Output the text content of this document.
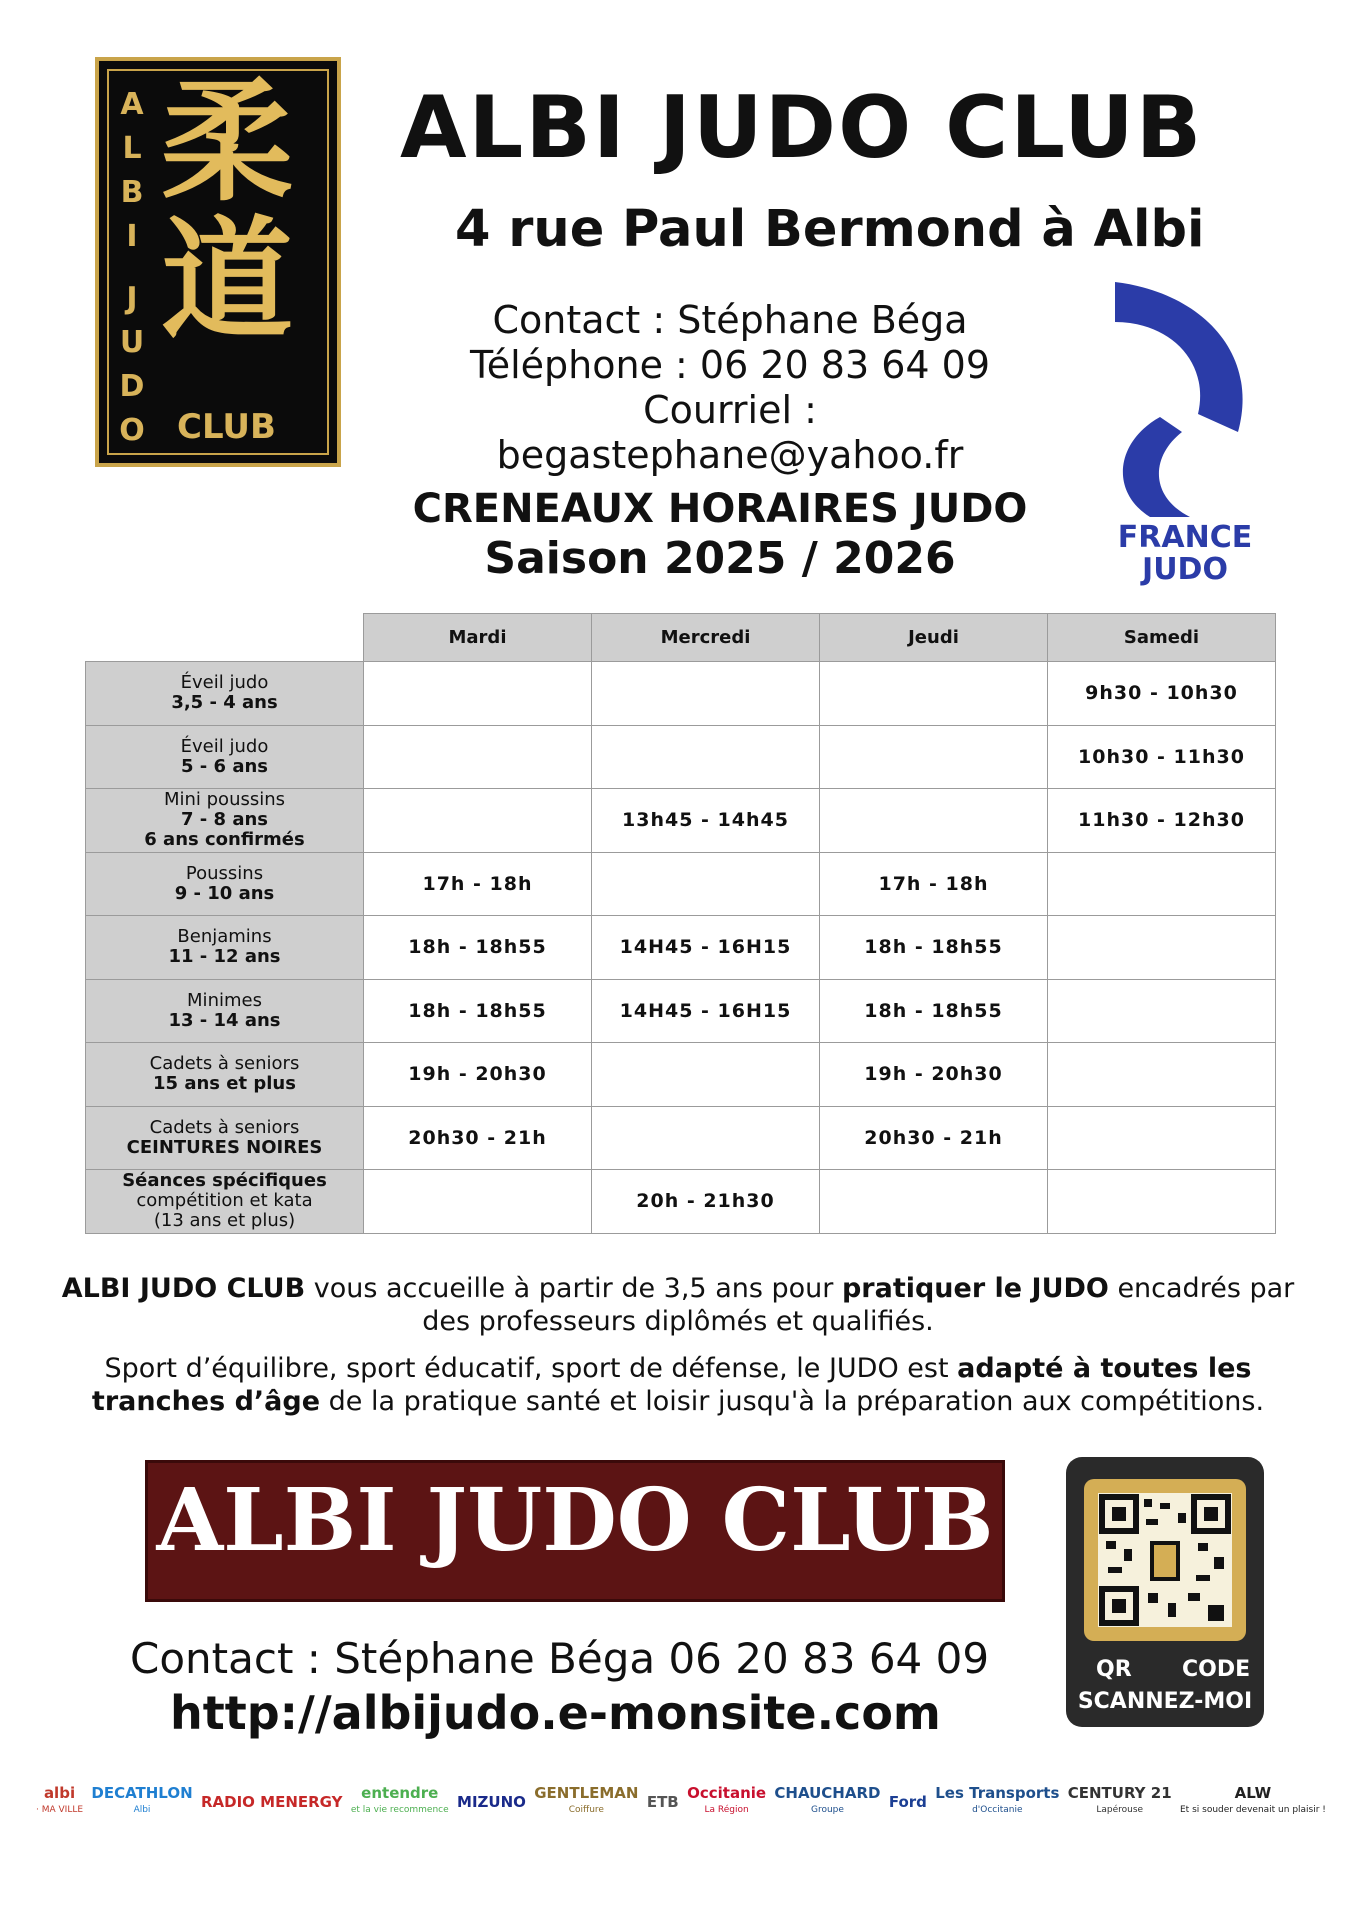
A
L
B
I
J
U
D
O
柔
道
CLUB
ALBI JUDO CLUB
4 rue Paul Bermond à Albi
Contact : Stéphane Béga
Téléphone : 06 20 83 64 09
Courriel : begastephane@yahoo.fr
FRANCE
JUDO
CRENEAUX HORAIRES JUDO
Saison 2025 / 2026
	Mardi	Mercredi	Jeudi	Samedi

Éveil judo
3,5 - 4 ans				9h30 - 10h30

Éveil judo
5 - 6 ans				10h30 - 11h30

Mini poussins
7 - 8 ans
6 ans confirmés		13h45 - 14h45		11h30 - 12h30

Poussins
9 - 10 ans	17h - 18h		17h - 18h	

Benjamins
11 - 12 ans	18h - 18h55	14H45 - 16H15	18h - 18h55	

Minimes
13 - 14 ans	18h - 18h55	14H45 - 16H15	18h - 18h55	

Cadets à seniors
15 ans et plus	19h - 20h30		19h - 20h30	

Cadets à seniors
CEINTURES NOIRES	20h30 - 21h		20h30 - 21h	

Séances spécifiques
compétition et kata
(13 ans et plus)		20h - 21h30		
ALBI JUDO CLUB vous accueille à partir de 3,5 ans pour pratiquer le JUDO encadrés par des professeurs diplômés et qualifiés.
Sport d’équilibre, sport éducatif, sport de défense, le JUDO est adapté à toutes les tranches d’âge de la pratique santé et loisir jusqu'à la préparation aux compétitions.
ALBI JUDO CLUB
Contact : Stéphane Béga 06 20 83 64 09
http://albijudo.e-monsite.com
QR CODE
SCANNEZ-MOI
albi
· MA VILLE
DECATHLON
Albi	RADIO MENERGY	entendre
et la vie recommence MIZUNO GENTLEMAN
Coiffure	ETB Occitanie
La Région
CHAUCHARD
Groupe	Ford Les Transports
d'Occitanie
CENTURY 21
Lapérouse
ALW
Et si souder devenait un plaisir !
